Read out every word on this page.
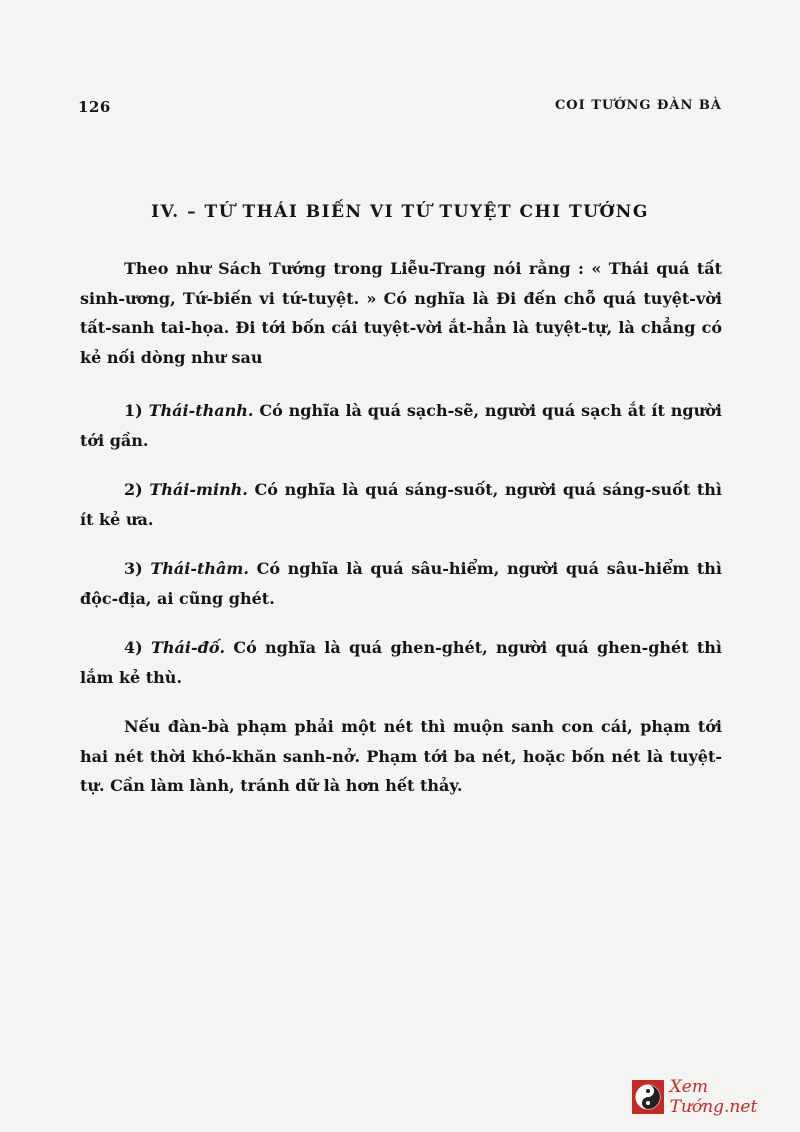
126	COI TƯỚNG ĐÀN BÀ
IV. – TỨ THÁI BIẾN VI TỨ TUYỆT CHI TƯỚNG

Theo như Sách Tướng trong Liễu-Trang nói rằng : « Thái quá tất sinh-ương, Tứ-biến vi tứ-tuyệt. » Có nghĩa là Đi đến chỗ quá tuyệt-vời tất-sanh tai-họa. Đi tới bốn cái tuyệt-vời ắt-hẳn là tuyệt-tự, là chẳng có kẻ nối dòng như sau

1) Thái-thanh. Có nghĩa là quá sạch-sẽ, người quá sạch ắt ít người tới gần.

2) Thái-minh. Có nghĩa là quá sáng-suốt, người quá sáng-suốt thì ít kẻ ưa.

3) Thái-thâm. Có nghĩa là quá sâu-hiểm, người quá sâu-hiểm thì độc-địa, ai cũng ghét.

4) Thái-đố. Có nghĩa là quá ghen-ghét, người quá ghen-ghét thì lắm kẻ thù.

Nếu đàn-bà phạm phải một nét thì muộn sanh con cái, phạm tới hai nét thời khó-khăn sanh-nở. Phạm tới ba nét, hoặc bốn nét là tuyệt-tự. Cần làm lành, tránh dữ là hơn hết thảy.

Xem Tướng.net
